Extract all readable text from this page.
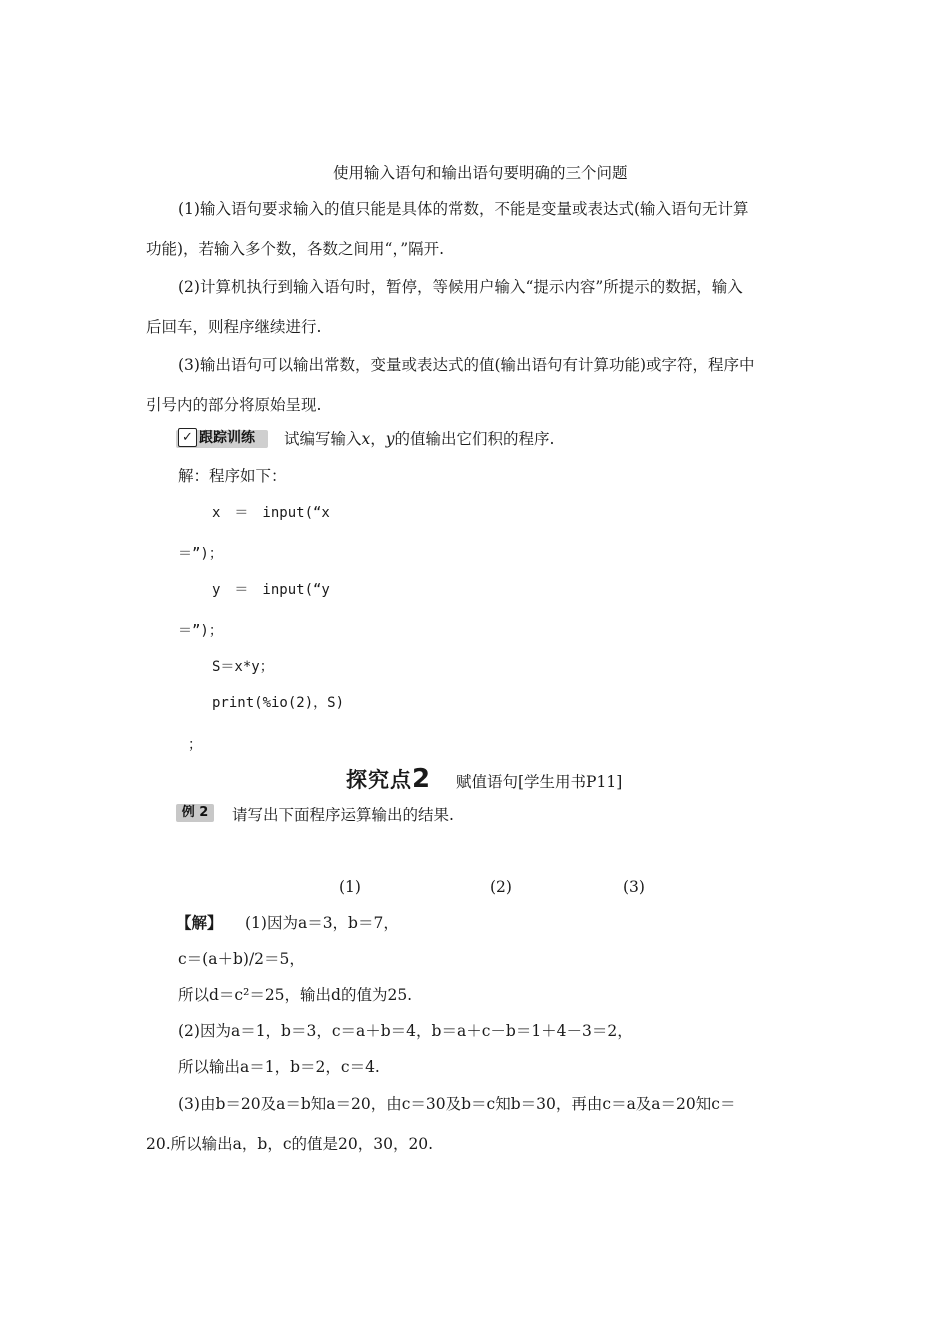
使用输入语句和输出语句要明确的三个问题
(1)输入语句要求输入的值只能是具体的常数，不能是变量或表达式(输入语句无计算
功能)，若输入多个数，各数之间用“，”隔开.
(2)计算机执行到输入语句时，暂停，等候用户输入“提示内容”所提示的数据，输入
后回车，则程序继续进行.
(3)输出语句可以输出常数，变量或表达式的值(输出语句有计算功能)或字符，程序中
引号内的部分将原始呈现.
✓ 跟踪训练 试编写输入x，y的值输出它们积的程序.
解：程序如下：
x　＝　input(“x
＝”)；
y　＝　input(“y
＝”)；
S＝x*y；
print(%io(2)，S)
；
探究点2 赋值语句[学生用书P11]
例 2	请写出下面程序运算输出的结果.
(1)	(2)	(3)
【解】 (1)因为a＝3，b＝7，
c＝(a＋b)/2＝5，
所以d＝c²＝25，输出d的值为25.
(2)因为a＝1，b＝3，c＝a＋b＝4，b＝a＋c－b＝1＋4－3＝2，
所以输出a＝1，b＝2，c＝4.
(3)由b＝20及a＝b知a＝20，由c＝30及b＝c知b＝30，再由c＝a及a＝20知c＝
20.所以输出a，b，c的值是20，30，20.
